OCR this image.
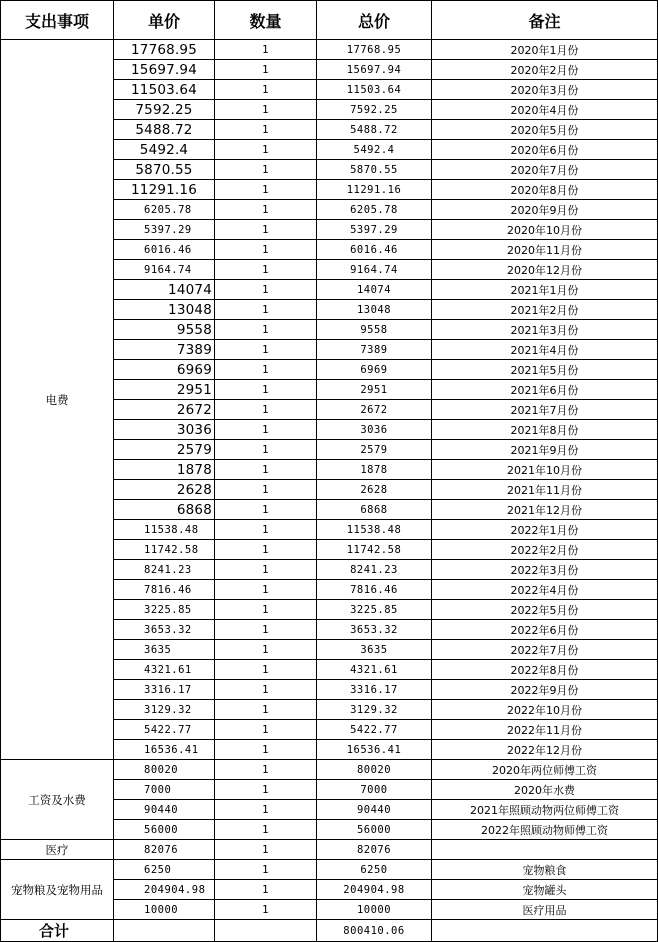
支出事项	单价	数量	总价	备注
电费	17768.95	1	17768.95	2020年1月份
	15697.94	1	15697.94	2020年2月份
	11503.64	1	11503.64	2020年3月份
	7592.25	1	7592.25	2020年4月份
	5488.72	1	5488.72	2020年5月份
	5492.4	1	5492.4	2020年6月份
	5870.55	1	5870.55	2020年7月份
	11291.16	1	11291.16	2020年8月份
	6205.78	1	6205.78	2020年9月份
	5397.29	1	5397.29	2020年10月份
	6016.46	1	6016.46	2020年11月份
	9164.74	1	9164.74	2020年12月份
	14074	1	14074	2021年1月份
	13048	1	13048	2021年2月份
	9558	1	9558	2021年3月份
	7389	1	7389	2021年4月份
	6969	1	6969	2021年5月份
	2951	1	2951	2021年6月份
	2672	1	2672	2021年7月份
	3036	1	3036	2021年8月份
	2579	1	2579	2021年9月份
	1878	1	1878	2021年10月份
	2628	1	2628	2021年11月份
	6868	1	6868	2021年12月份
	11538.48	1	11538.48	2022年1月份
	11742.58	1	11742.58	2022年2月份
	8241.23	1	8241.23	2022年3月份
	7816.46	1	7816.46	2022年4月份
	3225.85	1	3225.85	2022年5月份
	3653.32	1	3653.32	2022年6月份
	3635	1	3635	2022年7月份
	4321.61	1	4321.61	2022年8月份
	3316.17	1	3316.17	2022年9月份
	3129.32	1	3129.32	2022年10月份
	5422.77	1	5422.77	2022年11月份
	16536.41	1	16536.41	2022年12月份
工资及水费	80020	1	80020	2020年两位师傅工资
	7000	1	7000	2020年水费
	90440	1	90440	2021年照顾动物两位师傅工资
	56000	1	56000	2022年照顾动物师傅工资
医疗	82076	1	82076	
宠物粮及宠物用品	6250	1	6250	宠物粮食
	204904.98	1	204904.98	宠物罐头
	10000	1	10000	医疗用品
合计			800410.06	
